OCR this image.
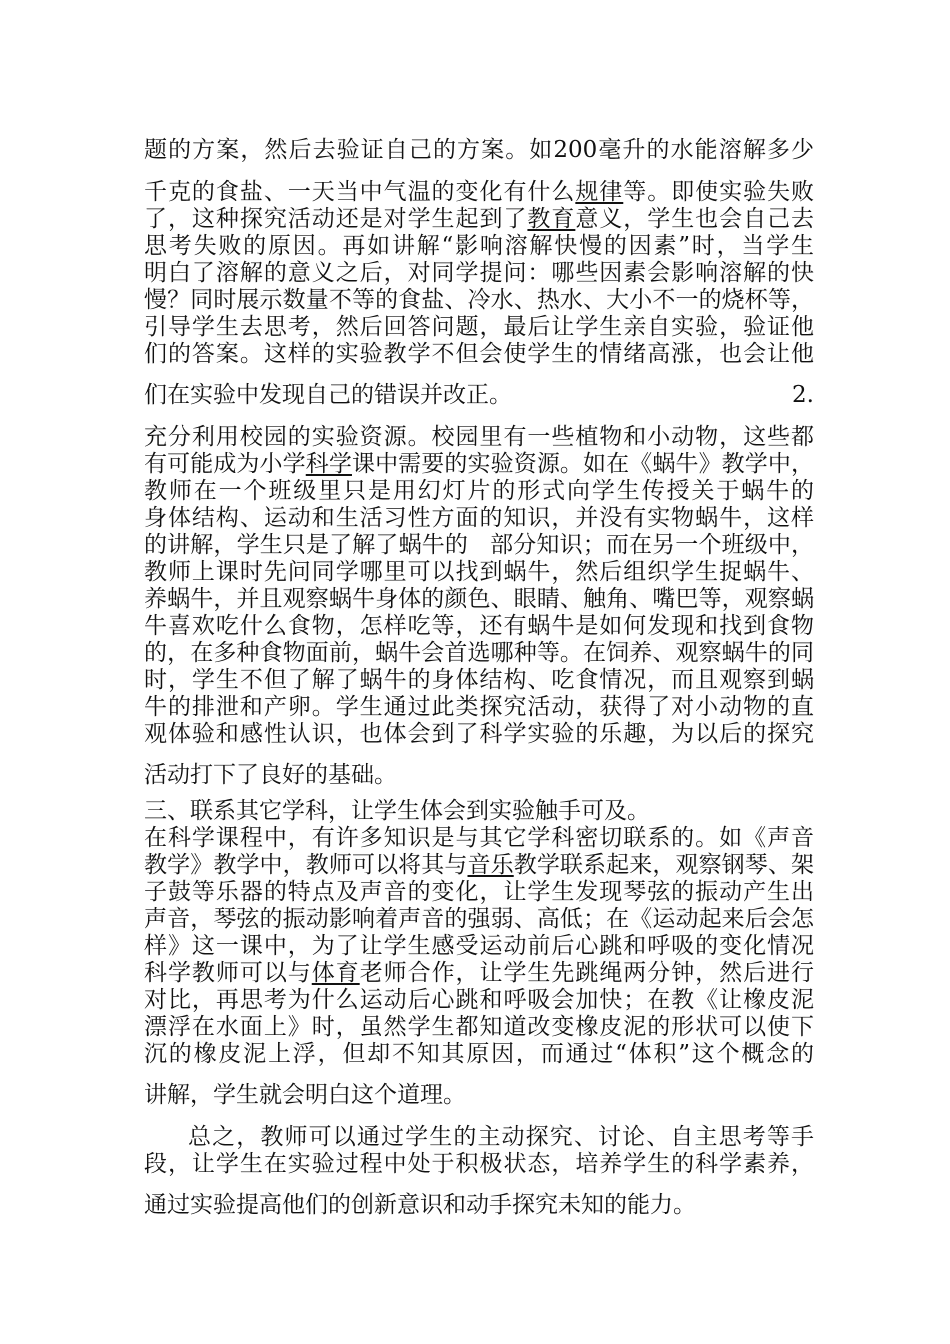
题的方案，然后去验证自己的方案。如200毫升的水能溶解多少
千克的食盐、一天当中气温的变化有什么规律等。即使实验失败
了，这种探究活动还是对学生起到了教育意义，学生也会自己去
思考失败的原因。再如讲解“影响溶解快慢的因素”时，当学生
明白了溶解的意义之后，对同学提问：哪些因素会影响溶解的快
慢？同时展示数量不等的食盐、冷水、热水、大小不一的烧杯等，
引导学生去思考，然后回答问题，最后让学生亲自实验，验证他
们的答案。这样的实验教学不但会使学生的情绪高涨，也会让他
们在实验中发现自己的错误并改正。	2.
充分利用校园的实验资源。校园里有一些植物和小动物，这些都
有可能成为小学科学课中需要的实验资源。如在《蜗牛》教学中，
教师在一个班级里只是用幻灯片的形式向学生传授关于蜗牛的
身体结构、运动和生活习性方面的知识，并没有实物蜗牛，这样
的讲解，学生只是了解了蜗牛的 部分知识；而在另一个班级中，
教师上课时先问同学哪里可以找到蜗牛，然后组织学生捉蜗牛、
养蜗牛，并且观察蜗牛身体的颜色、眼睛、触角、嘴巴等，观察蜗
牛喜欢吃什么食物，怎样吃等，还有蜗牛是如何发现和找到食物
的，在多种食物面前，蜗牛会首选哪种等。在饲养、观察蜗牛的同
时，学生不但了解了蜗牛的身体结构、吃食情况，而且观察到蜗
牛的排泄和产卵。学生通过此类探究活动，获得了对小动物的直
观体验和感性认识，也体会到了科学实验的乐趣，为以后的探究
活动打下了良好的基础。
三、联系其它学科，让学生体会到实验触手可及。
在科学课程中，有许多知识是与其它学科密切联系的。如《声音
教学》教学中，教师可以将其与音乐教学联系起来，观察钢琴、架
子鼓等乐器的特点及声音的变化，让学生发现琴弦的振动产生出
声音，琴弦的振动影响着声音的强弱、高低；在《运动起来后会怎
样》这一课中，为了让学生感受运动前后心跳和呼吸的变化情况
科学教师可以与体育老师合作，让学生先跳绳两分钟，然后进行
对比，再思考为什么运动后心跳和呼吸会加快；在教《让橡皮泥
漂浮在水面上》时，虽然学生都知道改变橡皮泥的形状可以使下
沉的橡皮泥上浮，但却不知其原因，而通过“体积”这个概念的
讲解，学生就会明白这个道理。
总之，教师可以通过学生的主动探究、讨论、自主思考等手
段，让学生在实验过程中处于积极状态，培养学生的科学素养，
通过实验提高他们的创新意识和动手探究未知的能力。
